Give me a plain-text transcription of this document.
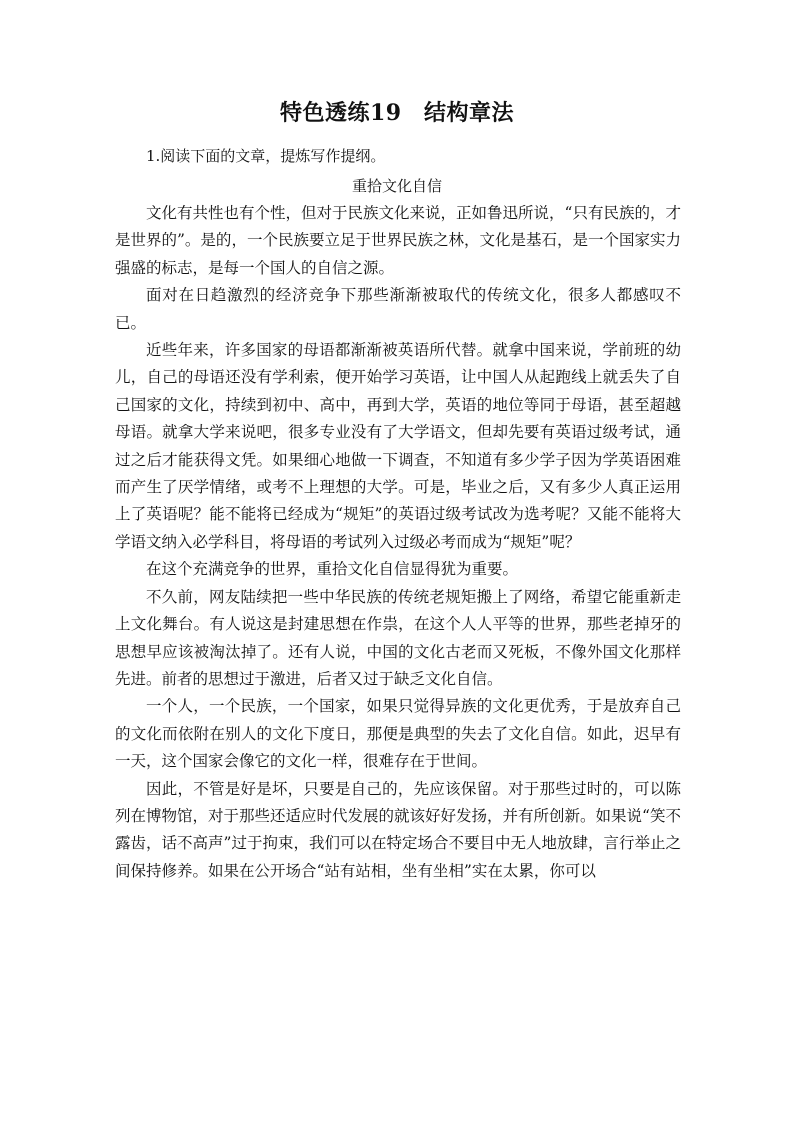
特色透练19　结构章法
1.阅读下面的文章，提炼写作提纲。
重拾文化自信

文化有共性也有个性，但对于民族文化来说，正如鲁迅所说，“只有民族的，才是世界的”。是的，一个民族要立足于世界民族之林，文化是基石，是一个国家实力强盛的标志，是每一个国人的自信之源。

面对在日趋激烈的经济竞争下那些渐渐被取代的传统文化，很多人都感叹不已。

近些年来，许多国家的母语都渐渐被英语所代替。就拿中国来说，学前班的幼儿，自己的母语还没有学利索，便开始学习英语，让中国人从起跑线上就丢失了自己国家的文化，持续到初中、高中，再到大学，英语的地位等同于母语，甚至超越母语。就拿大学来说吧，很多专业没有了大学语文，但却先要有英语过级考试，通过之后才能获得文凭。如果细心地做一下调查，不知道有多少学子因为学英语困难而产生了厌学情绪，或考不上理想的大学。可是，毕业之后，又有多少人真正运用上了英语呢？能不能将已经成为“规矩”的英语过级考试改为选考呢？又能不能将大学语文纳入必学科目，将母语的考试列入过级必考而成为“规矩”呢？

在这个充满竞争的世界，重拾文化自信显得犹为重要。

不久前，网友陆续把一些中华民族的传统老规矩搬上了网络，希望它能重新走上文化舞台。有人说这是封建思想在作祟，在这个人人平等的世界，那些老掉牙的思想早应该被淘汰掉了。还有人说，中国的文化古老而又死板，不像外国文化那样先进。前者的思想过于激进，后者又过于缺乏文化自信。

一个人，一个民族，一个国家，如果只觉得异族的文化更优秀，于是放弃自己的文化而依附在别人的文化下度日，那便是典型的失去了文化自信。如此，迟早有一天，这个国家会像它的文化一样，很难存在于世间。

因此，不管是好是坏，只要是自己的，先应该保留。对于那些过时的，可以陈列在博物馆，对于那些还适应时代发展的就该好好发扬，并有所创新。如果说“笑不露齿，话不高声”过于拘束，我们可以在特定场合不要目中无人地放肆，言行举止之间保持修养。如果在公开场合“站有站相，坐有坐相”实在太累，你可以
